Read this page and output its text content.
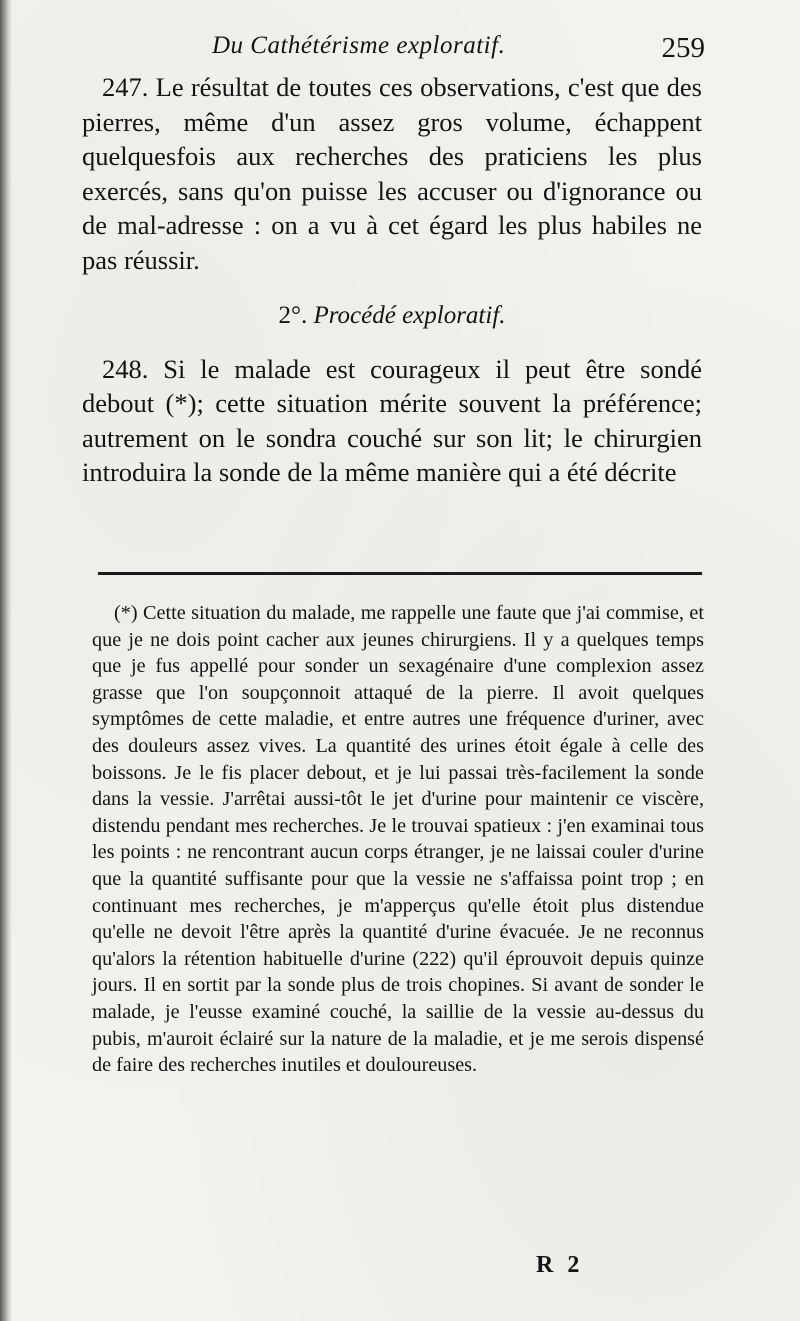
Du Cathétérisme exploratif.	259

247. Le résultat de toutes ces observations, c'est que des pierres, même d'un assez gros volume, échappent quelquesfois aux recherches des praticiens les plus exercés, sans qu'on puisse les accuser ou d'ignorance ou de mal-adresse : on a vu à cet égard les plus habiles ne pas réussir.

2°. Procédé exploratif.

248. Si le malade est courageux il peut être sondé debout (*); cette situation mérite souvent la préférence; autrement on le sondra couché sur son lit; le chirurgien introduira la sonde de la même manière qui a été décrite

(*) Cette situation du malade, me rappelle une faute que j'ai commise, et que je ne dois point cacher aux jeunes chirurgiens. Il y a quelques temps que je fus appellé pour sonder un sexagénaire d'une complexion assez grasse que l'on soupçonnoit attaqué de la pierre. Il avoit quelques symptômes de cette maladie, et entre autres une fréquence d'uriner, avec des douleurs assez vives. La quantité des urines étoit égale à celle des boissons. Je le fis placer debout, et je lui passai très-facilement la sonde dans la vessie. J'arrêtai aussi-tôt le jet d'urine pour maintenir ce viscère, distendu pendant mes recherches. Je le trouvai spatieux : j'en examinai tous les points : ne rencontrant aucun corps étranger, je ne laissai couler d'urine que la quantité suffisante pour que la vessie ne s'affaissa point trop ; en continuant mes recherches, je m'apperçus qu'elle étoit plus distendue qu'elle ne devoit l'être après la quantité d'urine évacuée. Je ne reconnus qu'alors la rétention habituelle d'urine (222) qu'il éprouvoit depuis quinze jours. Il en sortit par la sonde plus de trois chopines. Si avant de sonder le malade, je l'eusse examiné couché, la saillie de la vessie au-dessus du pubis, m'auroit éclairé sur la nature de la maladie, et je me serois dispensé de faire des recherches inutiles et douloureuses.

R 2
